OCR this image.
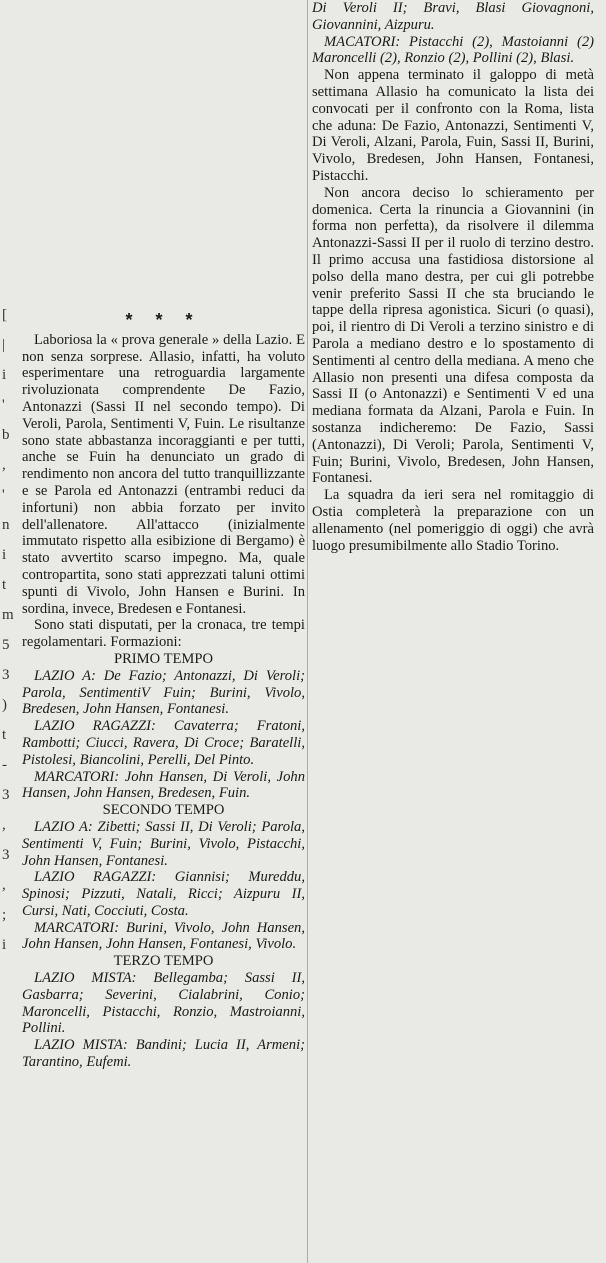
[
|
i
'
b
,
'
n
i
t
m
5
3
)
t
-
3
,
3
,
;
i
* * *

Laboriosa la « prova generale » della Lazio. E non senza sorprese. Allasio, infatti, ha voluto esperimentare una retroguardia largamente rivoluzionata comprendente De Fazio, Antonazzi (Sassi II nel secondo tempo). Di Veroli, Parola, Sentimenti V, Fuin. Le risultanze sono state abbastanza incoraggianti e per tutti, anche se Fuin ha denunciato un grado di rendimento non ancora del tutto tranquillizzante e se Parola ed Antonazzi (entrambi reduci da infortuni) non abbia forzato per invito dell'allenatore. All'attacco (inizialmente immutato rispetto alla esibizione di Bergamo) è stato avvertito scarso impegno. Ma, quale contropartita, sono stati apprezzati taluni ottimi spunti di Vivolo, John Hansen e Burini. In sordina, invece, Bredesen e Fontanesi.

Sono stati disputati, per la cronaca, tre tempi regolamentari. Formazioni:

PRIMO TEMPO

LAZIO A: De Fazio; Antonazzi, Di Veroli; Parola, SentimentiV Fuin; Burini, Vivolo, Bredesen, John Hansen, Fontanesi.

LAZIO RAGAZZI: Cavaterra; Fratoni, Rambotti; Ciucci, Ravera, Di Croce; Baratelli, Pistolesi, Biancolini, Perelli, Del Pinto.

MARCATORI: John Hansen, Di Veroli, John Hansen, John Hansen, Bredesen, Fuin.

SECONDO TEMPO

LAZIO A: Zibetti; Sassi II, Di Veroli; Parola, Sentimenti V, Fuin; Burini, Vivolo, Pistacchi, John Hansen, Fontanesi.

LAZIO RAGAZZI: Giannisi; Mureddu, Spinosi; Pizzuti, Natali, Ricci; Aizpuru II, Cursi, Nati, Cocciuti, Costa.

MARCATORI: Burini, Vivolo, John Hansen, John Hansen, John Hansen, Fontanesi, Vivolo.

TERZO TEMPO

LAZIO MISTA: Bellegamba; Sassi II, Gasbarra; Severini, Cialabrini, Conio; Maroncelli, Pistacchi, Ronzio, Mastroianni, Pollini.

LAZIO MISTA: Bandini; Lucia II, Armeni; Tarantino, Eufemi.

Di Veroli II; Bravi, Blasi Giovagnoni, Giovannini, Aizpuru.

MACATORI: Pistacchi (2), Mastoianni (2) Maroncelli (2), Ronzio (2), Pollini (2), Blasi.

Non appena terminato il galoppo di metà settimana Allasio ha comunicato la lista dei convocati per il confronto con la Roma, lista che aduna: De Fazio, Antonazzi, Sentimenti V, Di Veroli, Alzani, Parola, Fuin, Sassi II, Burini, Vivolo, Bredesen, John Hansen, Fontanesi, Pistacchi.

Non ancora deciso lo schieramento per domenica. Certa la rinuncia a Giovannini (in forma non perfetta), da risolvere il dilemma Antonazzi-Sassi II per il ruolo di terzino destro. Il primo accusa una fastidiosa distorsione al polso della mano destra, per cui gli potrebbe venir preferito Sassi II che sta bruciando le tappe della ripresa agonistica. Sicuri (o quasi), poi, il rientro di Di Veroli a terzino sinistro e di Parola a mediano destro e lo spostamento di Sentimenti al centro della mediana. A meno che Allasio non presenti una difesa composta da Sassi II (o Antonazzi) e Sentimenti V ed una mediana formata da Alzani, Parola e Fuin. In sostanza indicheremo: De Fazio, Sassi (Antonazzi), Di Veroli; Parola, Sentimenti V, Fuin; Burini, Vivolo, Bredesen, John Hansen, Fontanesi.

La squadra da ieri sera nel romitaggio di Ostia completerà la preparazione con un allenamento (nel pomeriggio di oggi) che avrà luogo presumibilmente allo Stadio Torino.
